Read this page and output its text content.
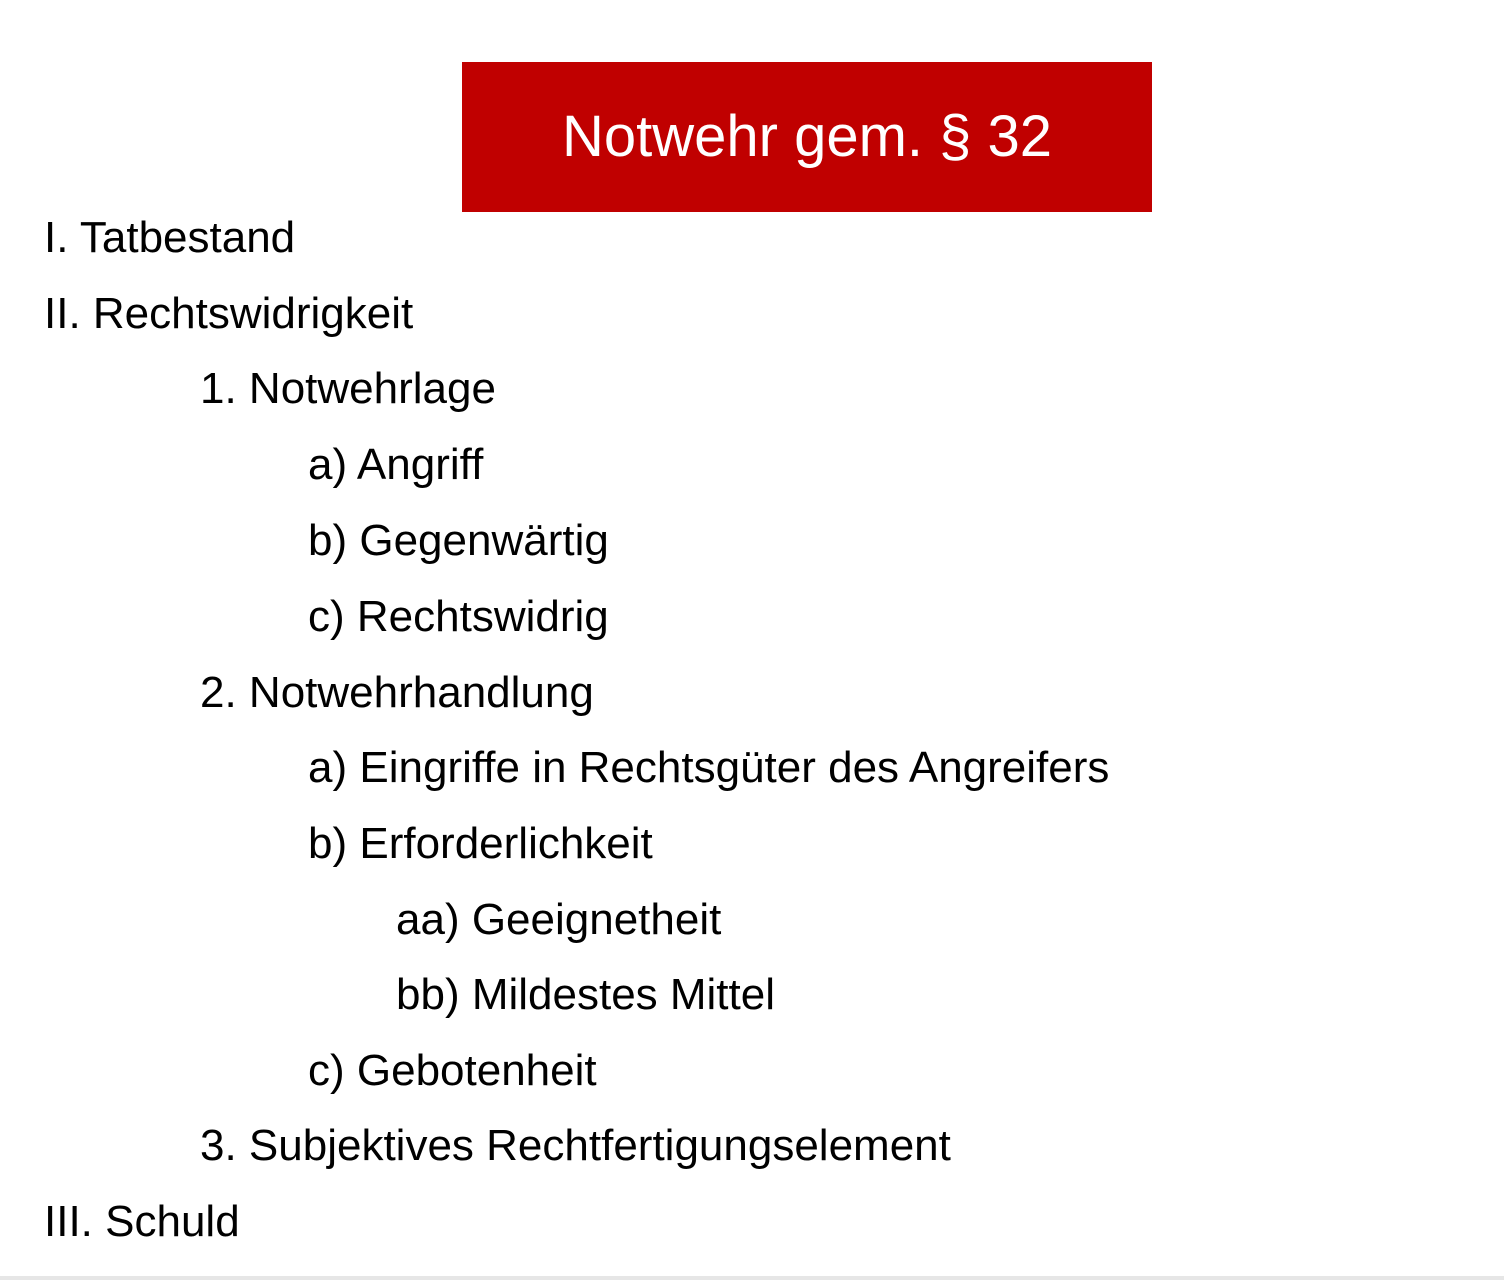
Notwehr gem. § 32
I. Tatbestand
II. Rechtswidrigkeit
1. Notwehrlage
a) Angriff
b) Gegenwärtig
c) Rechtswidrig
2. Notwehrhandlung
a) Eingriffe in Rechtsgüter des Angreifers
b) Erforderlichkeit
aa) Geeignetheit
bb) Mildestes Mittel
c) Gebotenheit
3. Subjektives Rechtfertigungselement
III. Schuld
